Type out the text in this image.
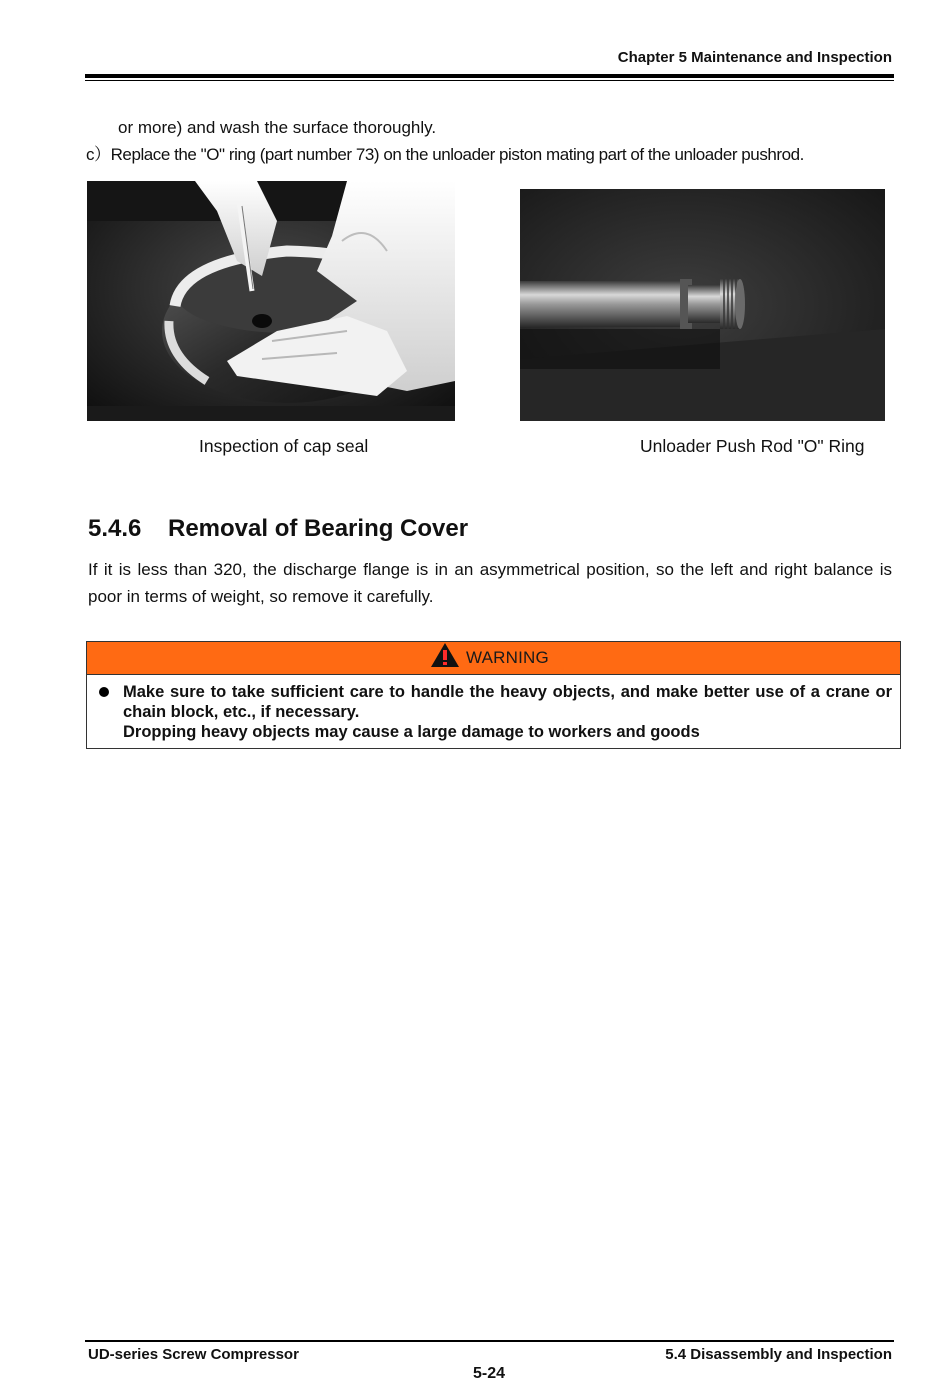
Chapter 5 Maintenance and Inspection
or more) and wash the surface thoroughly.
c）Replace the "O" ring (part number 73) on the unloader piston mating part of the unloader pushrod.
Inspection of cap seal	Unloader Push Rod "O" Ring
5.4.6 Removal of Bearing Cover
If it is less than 320, the discharge flange is in an asymmetrical position, so the left and right balance is poor in terms of weight, so remove it carefully.
WARNING
Make sure to take sufficient care to handle the heavy objects, and make better use of a crane or chain block, etc., if necessary.
Dropping heavy objects may cause a large damage to workers and goods
UD-series Screw Compressor	5.4 Disassembly and Inspection
5-24
